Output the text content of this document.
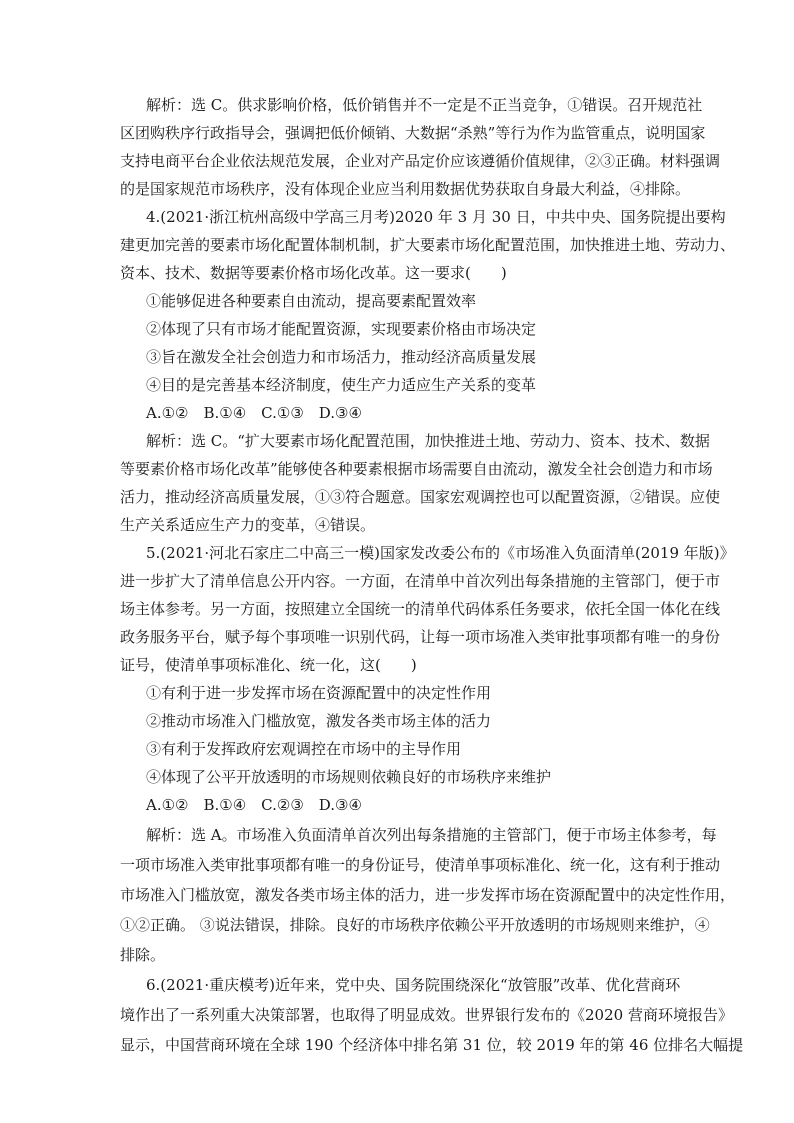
解析：选 C。供求影响价格，低价销售并不一定是不正当竞争，①错误。召开规范社
区团购秩序行政指导会，强调把低价倾销、大数据“杀熟”等行为作为监管重点，说明国家
支持电商平台企业依法规范发展，企业对产品定价应该遵循价值规律，②③正确。材料强调
的是国家规范市场秩序，没有体现企业应当利用数据优势获取自身最大利益，④排除。
4.(2021·浙江杭州高级中学高三月考)2020 年 3 月 30 日，中共中央、国务院提出要构
建更加完善的要素市场化配置体制机制，扩大要素市场化配置范围，加快推进土地、劳动力、
资本、技术、数据等要素价格市场化改革。这一要求(　　)
①能够促进各种要素自由流动，提高要素配置效率
②体现了只有市场才能配置资源，实现要素价格由市场决定
③旨在激发全社会创造力和市场活力，推动经济高质量发展
④目的是完善基本经济制度，使生产力适应生产关系的变革
A.①②　B.①④　C.①③　D.③④
解析：选 C。“扩大要素市场化配置范围，加快推进土地、劳动力、资本、技术、数据
等要素价格市场化改革”能够使各种要素根据市场需要自由流动，激发全社会创造力和市场
活力，推动经济高质量发展，①③符合题意。国家宏观调控也可以配置资源，②错误。应使
生产关系适应生产力的变革，④错误。
5.(2021·河北石家庄二中高三一模)国家发改委公布的《市场准入负面清单(2019 年版)》
进一步扩大了清单信息公开内容。一方面，在清单中首次列出每条措施的主管部门，便于市
场主体参考。另一方面，按照建立全国统一的清单代码体系任务要求，依托全国一体化在线
政务服务平台，赋予每个事项唯一识别代码，让每一项市场准入类审批事项都有唯一的身份
证号，使清单事项标准化、统一化，这(　　)
①有利于进一步发挥市场在资源配置中的决定性作用
②推动市场准入门槛放宽，激发各类市场主体的活力
③有利于发挥政府宏观调控在市场中的主导作用
④体现了公平开放透明的市场规则依赖良好的市场秩序来维护
A.①②　B.①④　C.②③　D.③④
解析：选 A。市场准入负面清单首次列出每条措施的主管部门，便于市场主体参考，每
一项市场准入类审批事项都有唯一的身份证号，使清单事项标准化、统一化，这有利于推动
市场准入门槛放宽，激发各类市场主体的活力，进一步发挥市场在资源配置中的决定性作用，
①②正确。 ③说法错误，排除。良好的市场秩序依赖公平开放透明的市场规则来维护，④
排除。
6.(2021·重庆模考)近年来，党中央、国务院围绕深化“放管服”改革、优化营商环
境作出了一系列重大决策部署，也取得了明显成效。世界银行发布的《2020 营商环境报告》
显示，中国营商环境在全球 190 个经济体中排名第 31 位，较 2019 年的第 46 位排名大幅提
